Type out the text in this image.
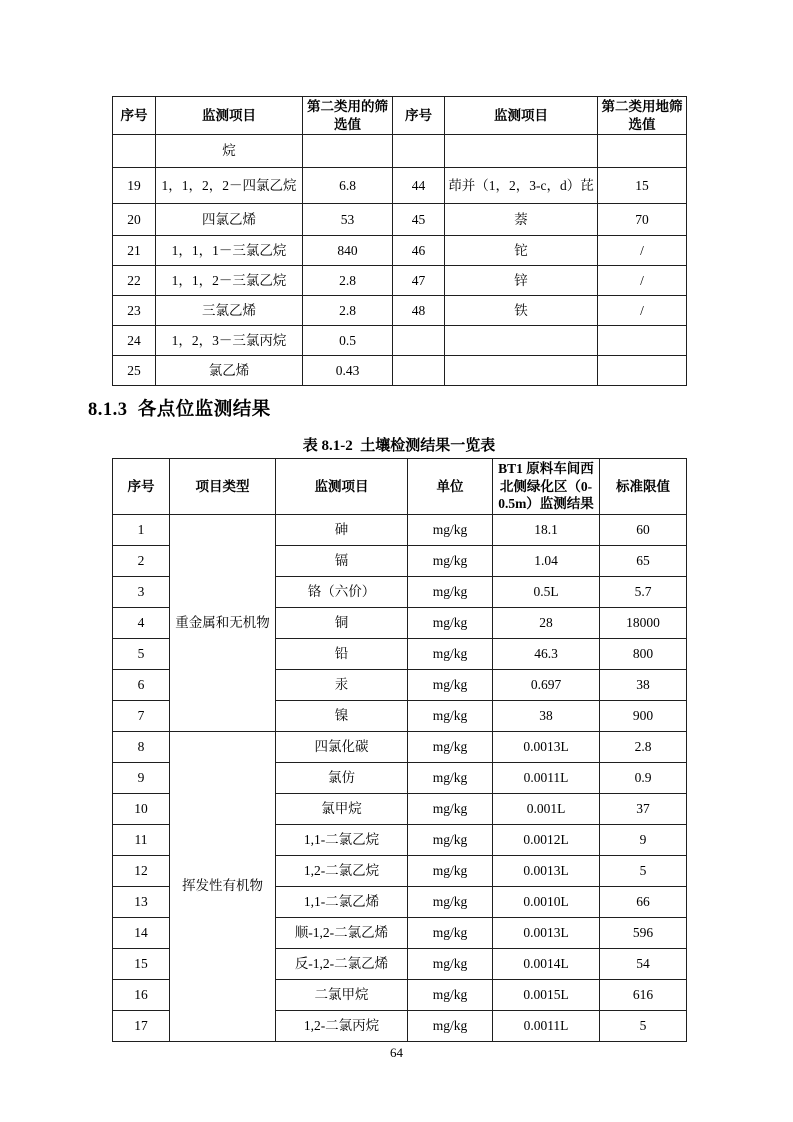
序号	监测项目	第二类用的筛选值	序号	监测项目	第二类用地筛选值
	烷				
19	1，1，2，2－四氯乙烷	6.8	44	茚并（1，2，3-c，d）芘	15
20	四氯乙烯	53	45	萘	70
21	1，1，1－三氯乙烷	840	46	铊	/
22	1，1，2－三氯乙烷	2.8	47	锌	/
23	三氯乙烯	2.8	48	铁	/
24	1，2，3－三氯丙烷	0.5			
25	氯乙烯	0.43			
8.1.3  各点位监测结果
表 8.1-2  土壤检测结果一览表
序号	项目类型	监测项目	单位	BT1 原料车间西北侧绿化区（0-0.5m）监测结果	标准限值
1	重金属和无机物	砷	mg/kg	18.1	60
2		镉	mg/kg	1.04	65
3		铬（六价）	mg/kg	0.5L	5.7
4		铜	mg/kg	28	18000
5		铅	mg/kg	46.3	800
6		汞	mg/kg	0.697	38
7		镍	mg/kg	38	900
8	挥发性有机物	四氯化碳	mg/kg	0.0013L	2.8
9		氯仿	mg/kg	0.0011L	0.9
10		氯甲烷	mg/kg	0.001L	37
11		1,1-二氯乙烷	mg/kg	0.0012L	9
12		1,2-二氯乙烷	mg/kg	0.0013L	5
13		1,1-二氯乙烯	mg/kg	0.0010L	66
14		顺-1,2-二氯乙烯	mg/kg	0.0013L	596
15		反-1,2-二氯乙烯	mg/kg	0.0014L	54
16		二氯甲烷	mg/kg	0.0015L	616
17		1,2-二氯丙烷	mg/kg	0.0011L	5
64
